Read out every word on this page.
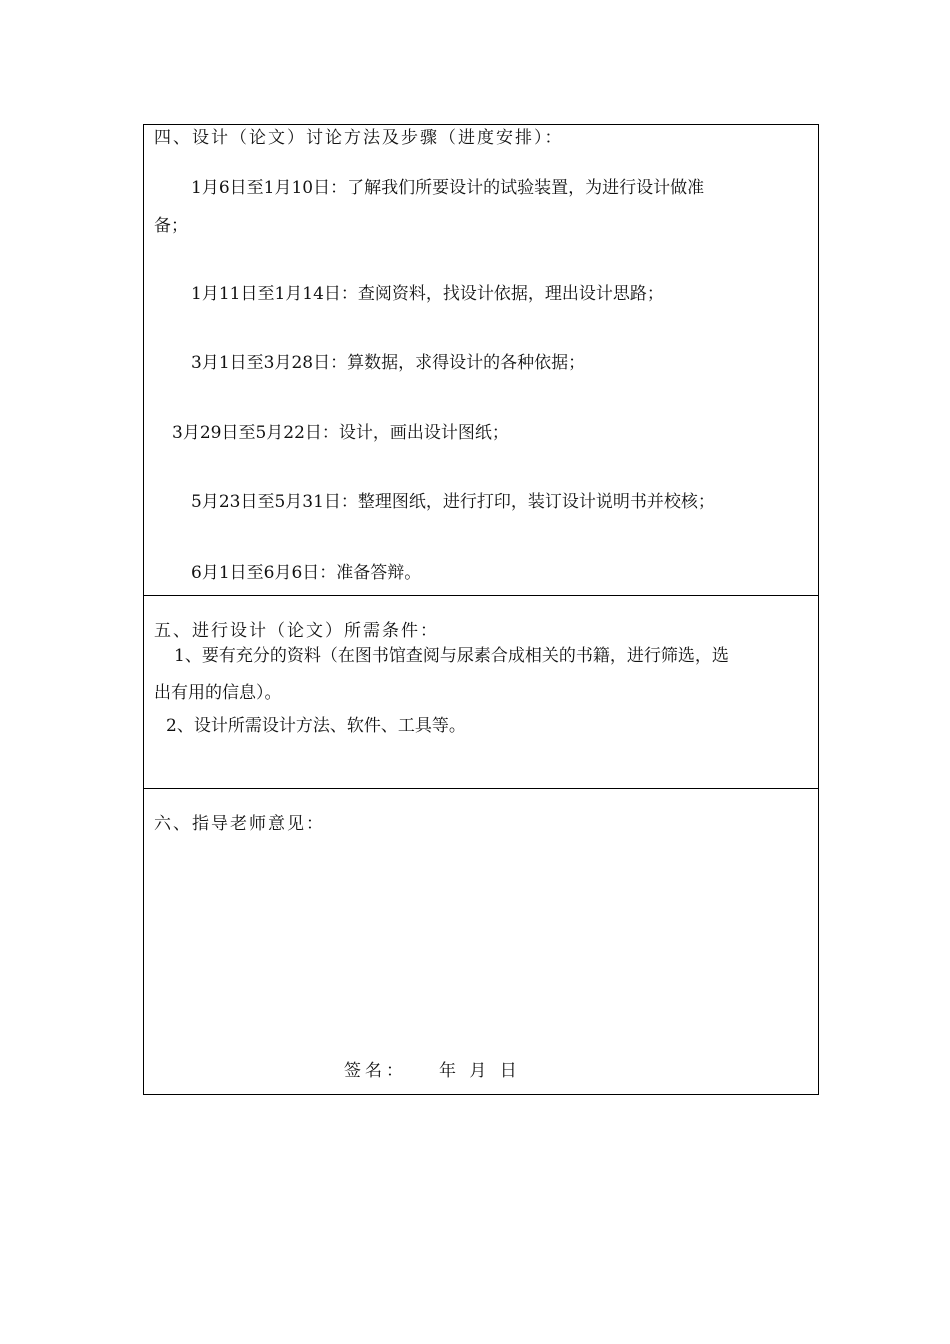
四、设计（论文）讨论方法及步骤（进度安排）：
1月6日至1月10日：了解我们所要设计的试验装置，为进行设计做准
备；
1月11日至1月14日：查阅资料，找设计依据，理出设计思路；
3月1日至3月28日：算数据，求得设计的各种依据；
3月29日至5月22日：设计，画出设计图纸；
5月23日至5月31日：整理图纸，进行打印，装订设计说明书并校核；
6月1日至6月6日：准备答辩。
五、进行设计（论文）所需条件：
1、要有充分的资料（在图书馆查阅与尿素合成相关的书籍，进行筛选，选
出有用的信息）。
2、设计所需设计方法、软件、工具等。
六、指导老师意见：
签名： 年 月 日
